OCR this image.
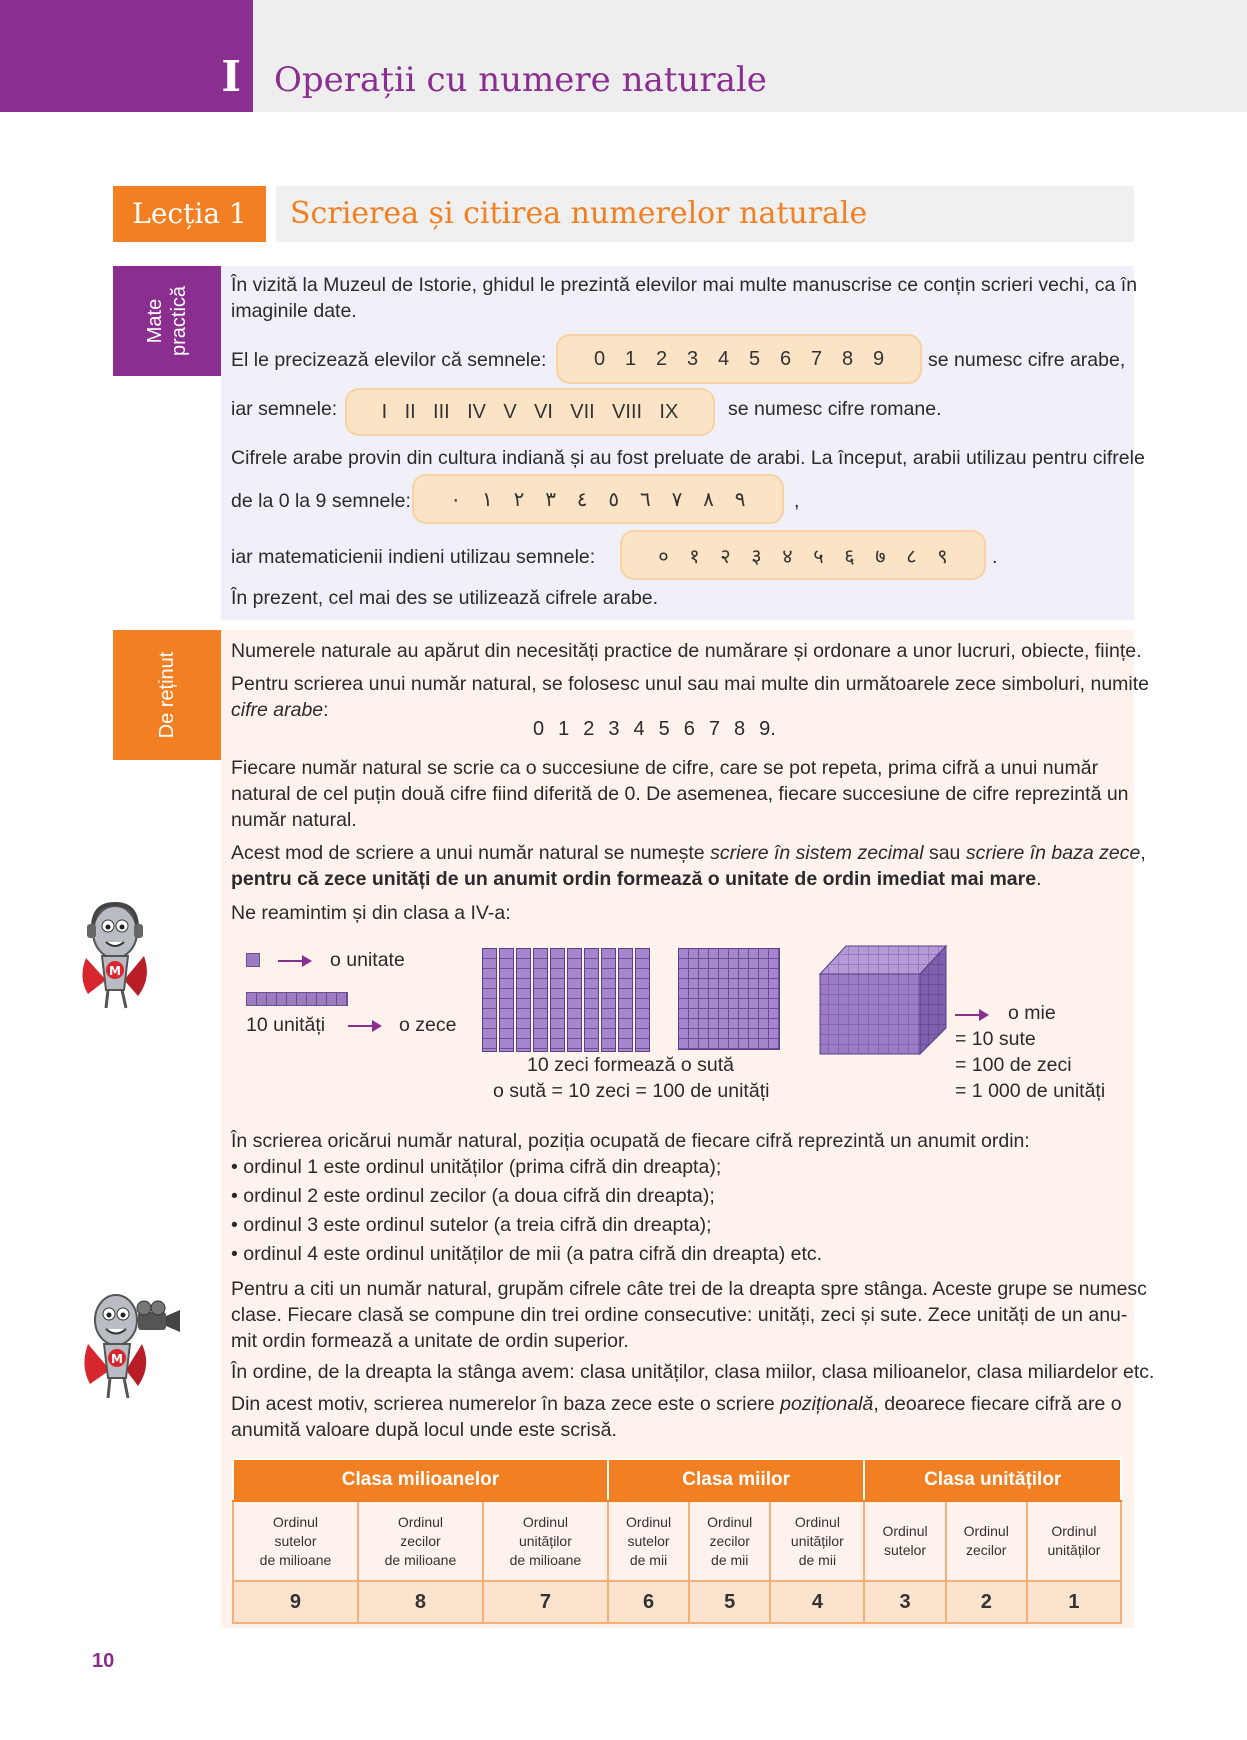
I Operații cu numere naturale
Lecția 1	Scrierea și citirea numerelor naturale
Mate practică
În vizită la Muzeul de Istorie, ghidul le prezintă elevilor mai multe manuscrise ce conțin scrieri vechi, ca în
imaginile date.
El le precizează elevilor că semnele: 0 1 2 3 4 5 6 7 8 9 se numesc cifre arabe,
iar semnele: I II III IV V VI VII VIII IX	se numesc cifre romane.
Cifrele arabe provin din cultura indiană și au fost preluate de arabi. La început, arabii utilizau pentru cifrele
de la 0 la 9 semnele: ٠ ١ ٢ ٣ ٤ ٥ ٦ ٧ ٨ ٩ ,
iar matematicienii indieni utilizau semnele:	० १ २ ३ ४ ५ ६ ७ ८ ९ .
În prezent, cel mai des se utilizează cifrele arabe.
De reținut
Numerele naturale au apărut din necesități practice de numărare și ordonare a unor lucruri, obiecte, ființe.
Pentru scrierea unui număr natural, se folosesc unul sau mai multe din următoarele zece simboluri, numite
cifre arabe:
0 1 2 3 4 5 6 7 8 9.
Fiecare număr natural se scrie ca o succesiune de cifre, care se pot repeta, prima cifră a unui număr
natural de cel puțin două cifre fiind diferită de 0. De asemenea, fiecare succesiune de cifre reprezintă un
număr natural.
Acest mod de scriere a unui număr natural se numește scriere în sistem zecimal sau scriere în baza zece,
pentru că zece unități de un anumit ordin formează o unitate de ordin imediat mai mare.
Ne reamintim și din clasa a IV-a:
M	o unitate
10 unități	o zece
10 zeci formează o sută
o sută = 10 zeci = 100 de unități
o mie
= 10 sute
= 100 de zeci
= 1 000 de unități
În scrierea oricărui număr natural, poziția ocupată de fiecare cifră reprezintă un anumit ordin:
• ordinul 1 este ordinul unităților (prima cifră din dreapta);
• ordinul 2 este ordinul zecilor (a doua cifră din dreapta);
• ordinul 3 este ordinul sutelor (a treia cifră din dreapta);
• ordinul 4 este ordinul unităților de mii (a patra cifră din dreapta) etc.
M
Pentru a citi un număr natural, grupăm cifrele câte trei de la dreapta spre stânga. Aceste grupe se numesc
clase. Fiecare clasă se compune din trei ordine consecutive: unități, zeci și sute. Zece unități de un anu-
mit ordin formează a unitate de ordin superior.
În ordine, de la dreapta la stânga avem: clasa unităților, clasa miilor, clasa milioanelor, clasa miliardelor etc.
Din acest motiv, scrierea numerelor în baza zece este o scriere pozițională, deoarece fiecare cifră are o
anumită valoare după locul unde este scrisă.
Clasa milioanelor			Clasa miilor			Clasa unităților		
Ordinul
sutelor
de milioane	Ordinul
zecilor
de milioane	Ordinul
unităților
de milioane	Ordinul
sutelor
de mii	Ordinul
zecilor
de mii	Ordinul
unităților
de mii	Ordinul
sutelor	Ordinul
zecilor	Ordinul
unităților
9	8	7	6	5	4	3	2	1
10
